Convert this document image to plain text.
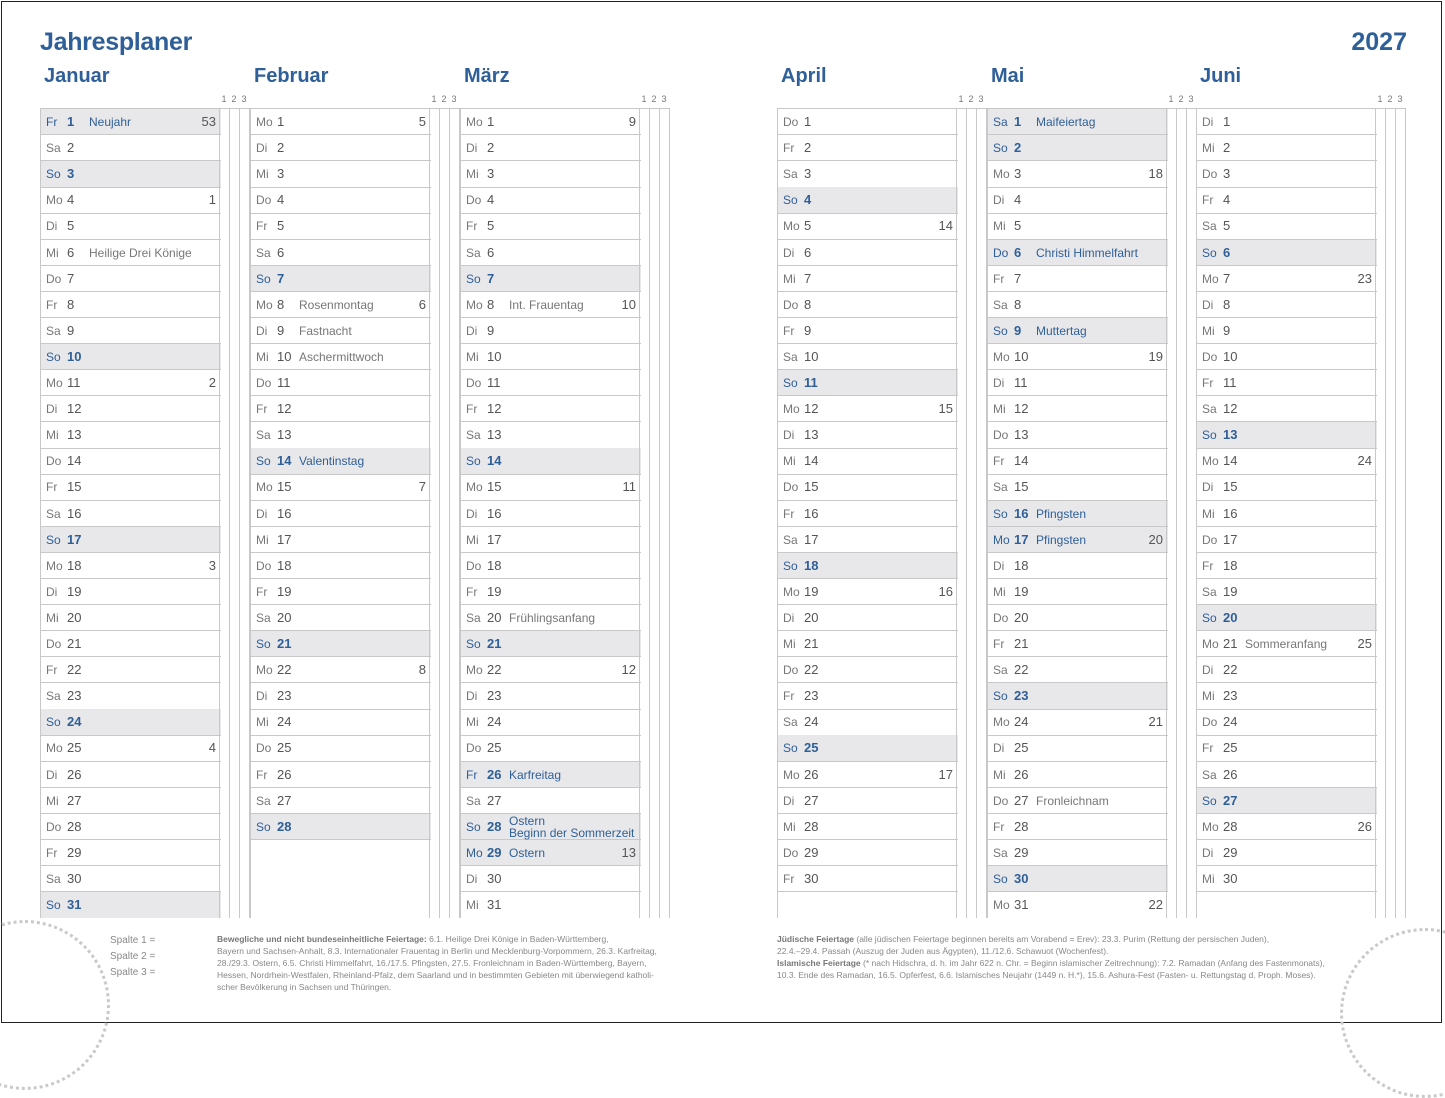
Jahresplaner	2027
Januar
1 2 3
Fr 1 Neujahr	53
Sa 2
So 3
Mo 4	1
Di 5
Mi 6 Heilige Drei Könige
Do 7
Fr 8
Sa 9
So 10
Mo 11	2
Di 12
Mi 13
Do 14
Fr 15
Sa 16
So 17
Mo 18	3
Di 19
Mi 20
Do 21
Fr 22
Sa 23
So 24
Mo 25	4
Di 26
Mi 27
Do 28
Fr 29
Sa 30
So 31
Februar
1 2 3
Mo 1	5
Di 2
Mi 3
Do 4
Fr 5
Sa 6
So 7
Mo 8 Rosenmontag	6
Di 9 Fastnacht
Mi 10 Aschermittwoch
Do 11
Fr 12
Sa 13
So 14 Valentinstag
Mo 15	7
Di 16
Mi 17
Do 18
Fr 19
Sa 20
So 21
Mo 22	8
Di 23
Mi 24
Do 25
Fr 26
Sa 27
So 28
März
1 2 3
Mo 1	9
Di 2
Mi 3
Do 4
Fr 5
Sa 6
So 7
Mo 8 Int. Frauentag	10
Di 9
Mi 10
Do 11
Fr 12
Sa 13
So 14
Mo 15	11
Di 16
Mi 17
Do 18
Fr 19
Sa 20 Frühlingsanfang
So 21
Mo 22	12
Di 23
Mi 24
Do 25
Fr 26 Karfreitag
Sa 27
So 28 Ostern
Beginn der Sommerzeit
Mo 29 Ostern	13
Di 30
Mi 31
April
1 2 3
Do 1
Fr 2
Sa 3
So 4
Mo 5	14
Di 6
Mi 7
Do 8
Fr 9
Sa 10
So 11
Mo 12	15
Di 13
Mi 14
Do 15
Fr 16
Sa 17
So 18
Mo 19	16
Di 20
Mi 21
Do 22
Fr 23
Sa 24
So 25
Mo 26	17
Di 27
Mi 28
Do 29
Fr 30
Mai
1 2 3
Sa 1 Maifeiertag
So 2
Mo 3	18
Di 4
Mi 5
Do 6 Christi Himmelfahrt
Fr 7
Sa 8
So 9 Muttertag
Mo 10	19
Di 11
Mi 12
Do 13
Fr 14
Sa 15
So 16 Pfingsten
Mo 17 Pfingsten	20
Di 18
Mi 19
Do 20
Fr 21
Sa 22
So 23
Mo 24	21
Di 25
Mi 26
Do 27 Fronleichnam
Fr 28
Sa 29
So 30
Mo 31	22
Juni
1 2 3
Di 1
Mi 2
Do 3
Fr 4
Sa 5
So 6
Mo 7	23
Di 8
Mi 9
Do 10
Fr 11
Sa 12
So 13
Mo 14	24
Di 15
Mi 16
Do 17
Fr 18
Sa 19
So 20
Mo 21 Sommeranfang 25
Di 22
Mi 23
Do 24
Fr 25
Sa 26
So 27
Mo 28	26
Di 29
Mi 30
Spalte 1 =
Spalte 2 =
Spalte 3 =
Bewegliche und nicht bundeseinheitliche Feiertage: 6.1. Heilige Drei Könige in Baden-Württemberg,
Bayern und Sachsen-Anhalt, 8.3. Internationaler Frauentag in Berlin und Mecklenburg-Vorpommern, 26.3. Karfreitag,
28./29.3. Ostern, 6.5. Christi Himmelfahrt, 16./17.5. Pfingsten, 27.5. Fronleichnam in Baden-Württemberg, Bayern,
Hessen, Nordrhein-Westfalen, Rheinland-Pfalz, dem Saarland und in bestimmten Gebieten mit überwiegend katholi-
scher Bevölkerung in Sachsen und Thüringen.
Jüdische Feiertage (alle jüdischen Feiertage beginnen bereits am Vorabend = Erev): 23.3. Purim (Rettung der persischen Juden),
22.4.–29.4. Passah (Auszug der Juden aus Ägypten), 11./12.6. Schawuot (Wochenfest).
Islamische Feiertage (* nach Hidschra, d. h. im Jahr 622 n. Chr. = Beginn islamischer Zeitrechnung): 7.2. Ramadan (Anfang des Fastenmonats),
10.3. Ende des Ramadan, 16.5. Opferfest, 6.6. Islamisches Neujahr (1449 n. H.*), 15.6. Ashura-Fest (Fasten- u. Rettungstag d. Proph. Moses).
